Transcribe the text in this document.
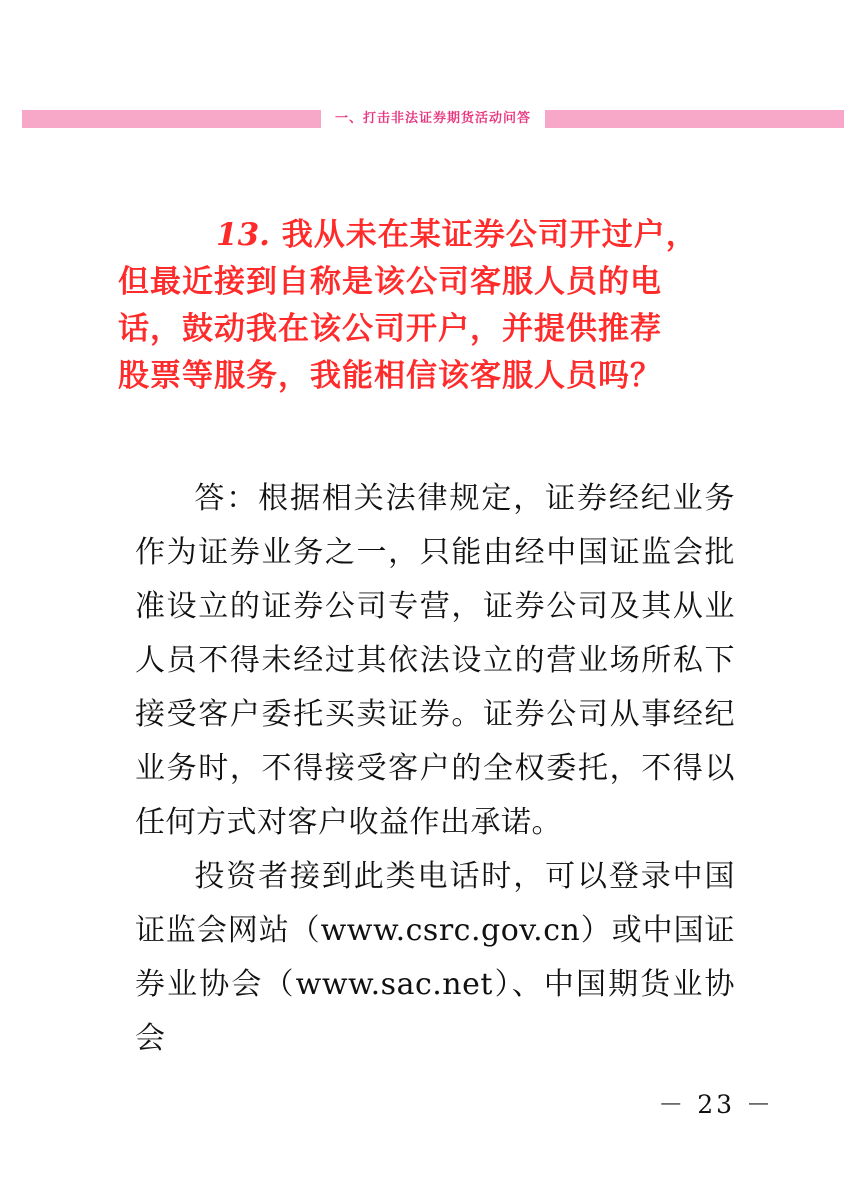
一、打击非法证券期货活动问答
13. 我从未在某证券公司开过户，
但最近接到自称是该公司客服人员的电
话，鼓动我在该公司开户，并提供推荐
股票等服务，我能相信该客服人员吗？

答：根据相关法律规定，证券经纪业务作为证券业务之一，只能由经中国证监会批准设立的证券公司专营，证券公司及其从业人员不得未经过其依法设立的营业场所私下接受客户委托买卖证券。证券公司从事经纪业务时，不得接受客户的全权委托，不得以任何方式对客户收益作出承诺。

投资者接到此类电话时，可以登录中国证监会网站（www.csrc.gov.cn）或中国证券业协会（www.sac.net）、中国期货业协会

－ 23 －
